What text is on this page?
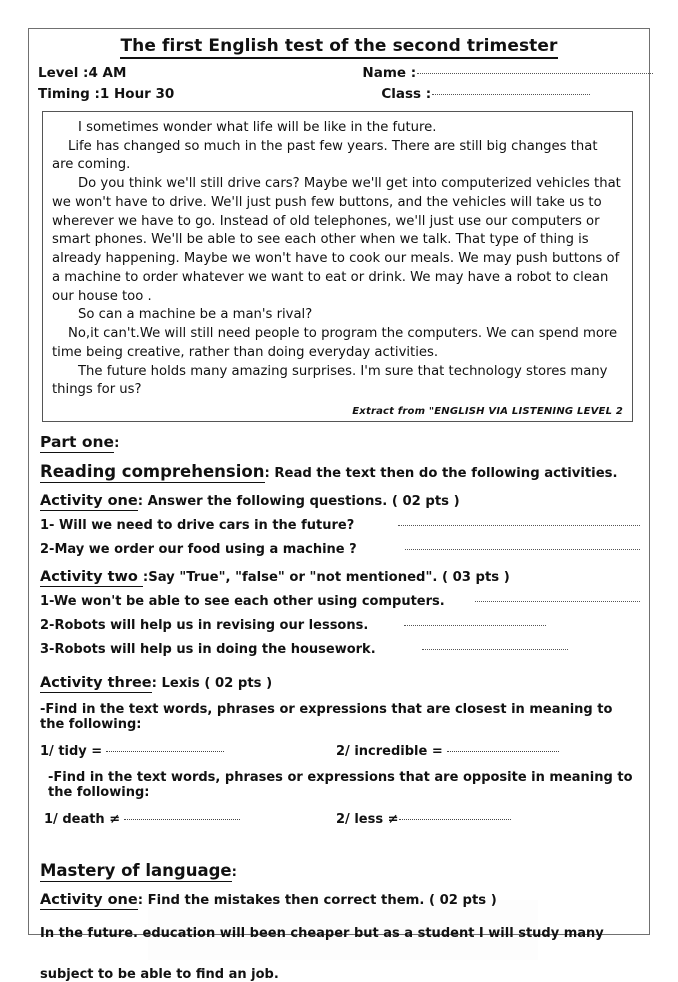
The first English test of the second trimester
Level :4 AM	Name :
Timing :1 Hour 30	Class :

I sometimes wonder what life will be like in the future.

Life has changed so much in the past few years. There are still big changes that are coming.

Do you think we'll still drive cars? Maybe we'll get into computerized vehicles that we won't have to drive. We'll just push few buttons, and the vehicles will take us to wherever we have to go. Instead of old telephones, we'll just use our computers or smart phones. We'll be able to see each other when we talk. That type of thing is already happening. Maybe we won't have to cook our meals. We may push buttons of a machine to order whatever we want to eat or drink. We may have a robot to clean our house too .

So can a machine be a man's rival?

No,it can't.We will still need people to program the computers. We can spend more time being creative, rather than doing everyday activities.

The future holds many amazing surprises. I'm sure that technology stores many things for us?

Extract from "ENGLISH VIA LISTENING LEVEL 2
Part one:
Reading comprehension: Read the text then do the following activities.
Activity one: Answer the following questions. ( 02 pts )
1- Will we need to drive cars in the future?
2-May we order our food using a machine ?
Activity two :Say "True", "false" or "not mentioned". ( 03 pts )
1-We won't be able to see each other using computers.
2-Robots will help us in revising our lessons.
3-Robots will help us in doing the housework.
Activity three: Lexis ( 02 pts )
-Find in the text words, phrases or expressions that are closest in meaning to the following:
1/ tidy =	2/ incredible =
-Find in the text words, phrases or expressions that are opposite in meaning to the following:
1/ death ≠	2/ less ≠
Mastery of language:
Activity one: Find the mistakes then correct them. ( 02 pts )
In the future. education will been cheaper but as a student I will study many
subject to be able to find an job.
